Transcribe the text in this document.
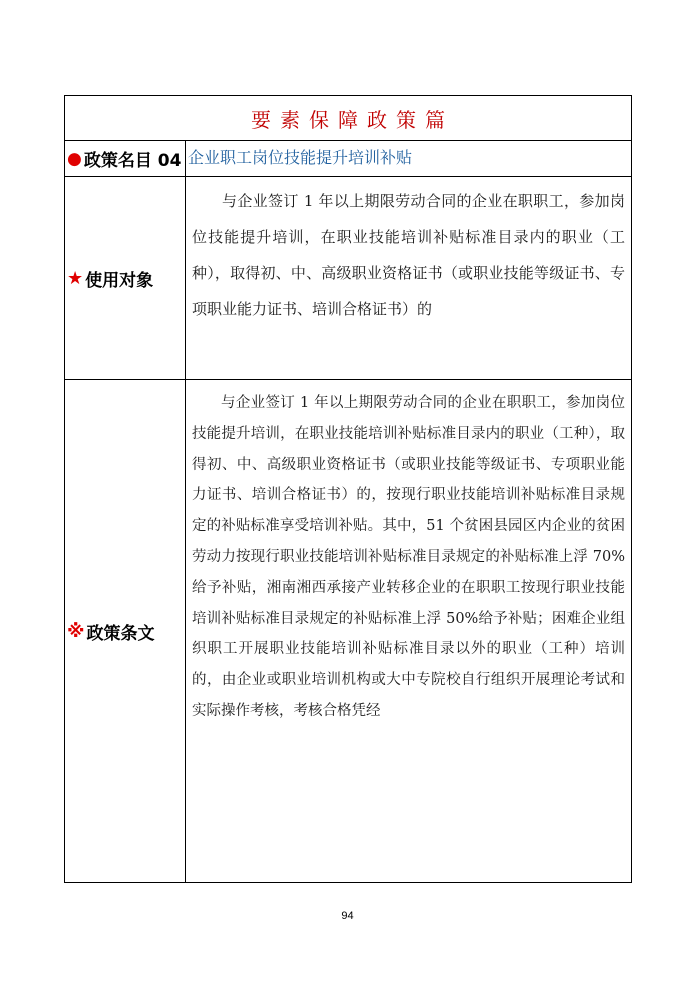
要素保障政策篇
● 政策名目 04 企业职工岗位技能提升培训补贴
★ 使用对象
与企业签订 1 年以上期限劳动合同的企业在职职工，参加岗位技能提升培训，在职业技能培训补贴标准目录内的职业（工种），取得初、中、高级职业资格证书（或职业技能等级证书、专项职业能力证书、培训合格证书）的
※ 政策条文
与企业签订 1 年以上期限劳动合同的企业在职职工，参加岗位技能提升培训，在职业技能培训补贴标准目录内的职业（工种），取得初、中、高级职业资格证书（或职业技能等级证书、专项职业能力证书、培训合格证书）的，按现行职业技能培训补贴标准目录规定的补贴标准享受培训补贴。其中，51 个贫困县园区内企业的贫困劳动力按现行职业技能培训补贴标准目录规定的补贴标准上浮 70%给予补贴，湘南湘西承接产业转移企业的在职职工按现行职业技能培训补贴标准目录规定的补贴标准上浮 50%给予补贴；困难企业组织职工开展职业技能培训补贴标准目录以外的职业（工种）培训的，由企业或职业培训机构或大中专院校自行组织开展理论考试和实际操作考核，考核合格凭经
94
